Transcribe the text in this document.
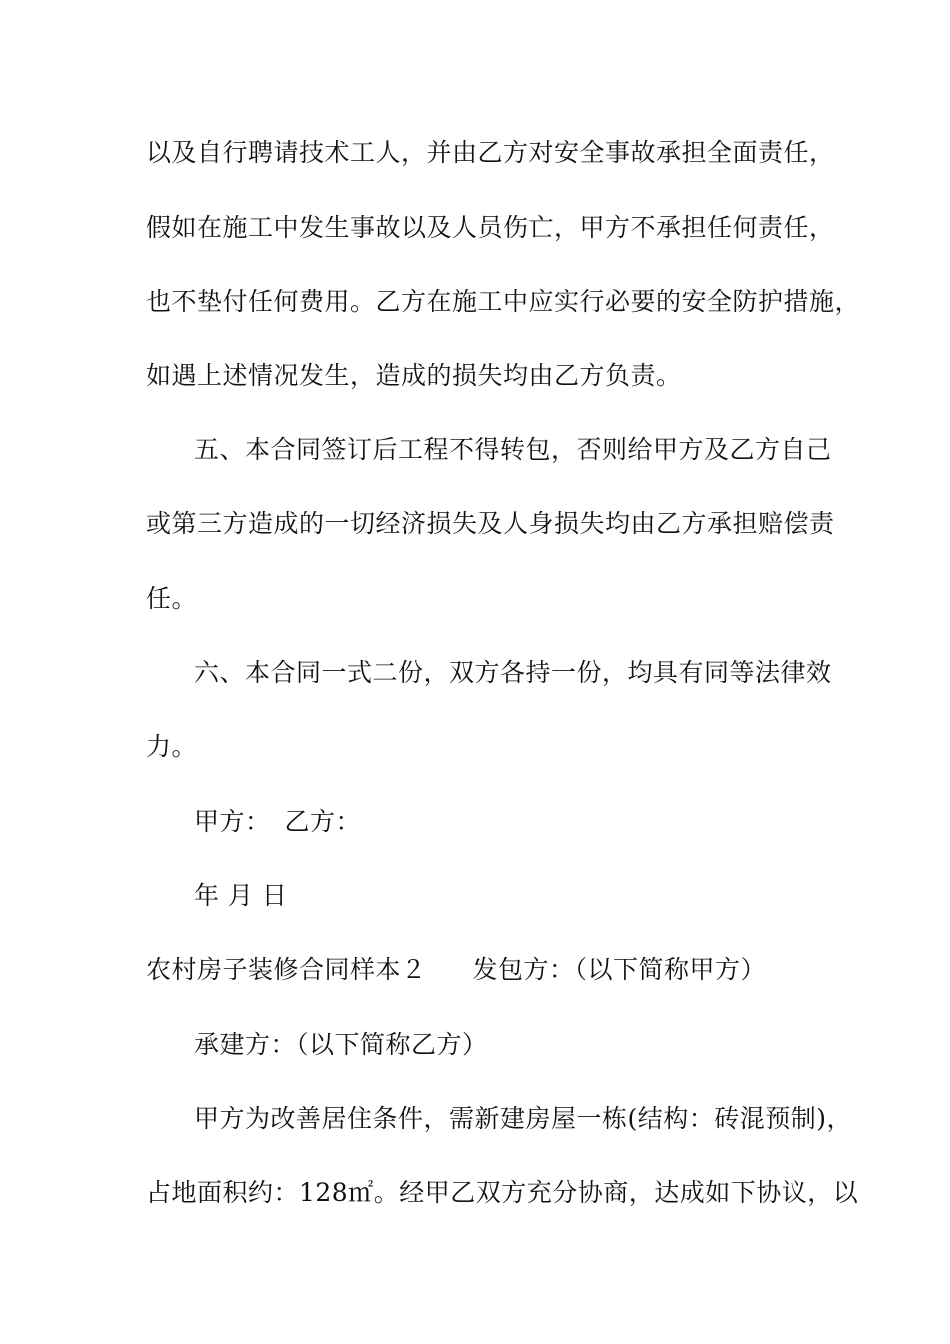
以及自行聘请技术工人，并由乙方对安全事故承担全面责任，
假如在施工中发生事故以及人员伤亡，甲方不承担任何责任，
也不垫付任何费用。乙方在施工中应实行必要的安全防护措施，
如遇上述情况发生，造成的损失均由乙方负责。
五、本合同签订后工程不得转包，否则给甲方及乙方自己
或第三方造成的一切经济损失及人身损失均由乙方承担赔偿责
任。
六、本合同一式二份，双方各持一份，均具有同等法律效
力。
甲方： 乙方：
年 月 日
农村房子装修合同样本２ 发包方：（以下简称甲方）
承建方：（以下简称乙方）
甲方为改善居住条件，需新建房屋一栋(结构：砖混预制)，
占地面积约：128㎡。经甲乙双方充分协商，达成如下协议，以
